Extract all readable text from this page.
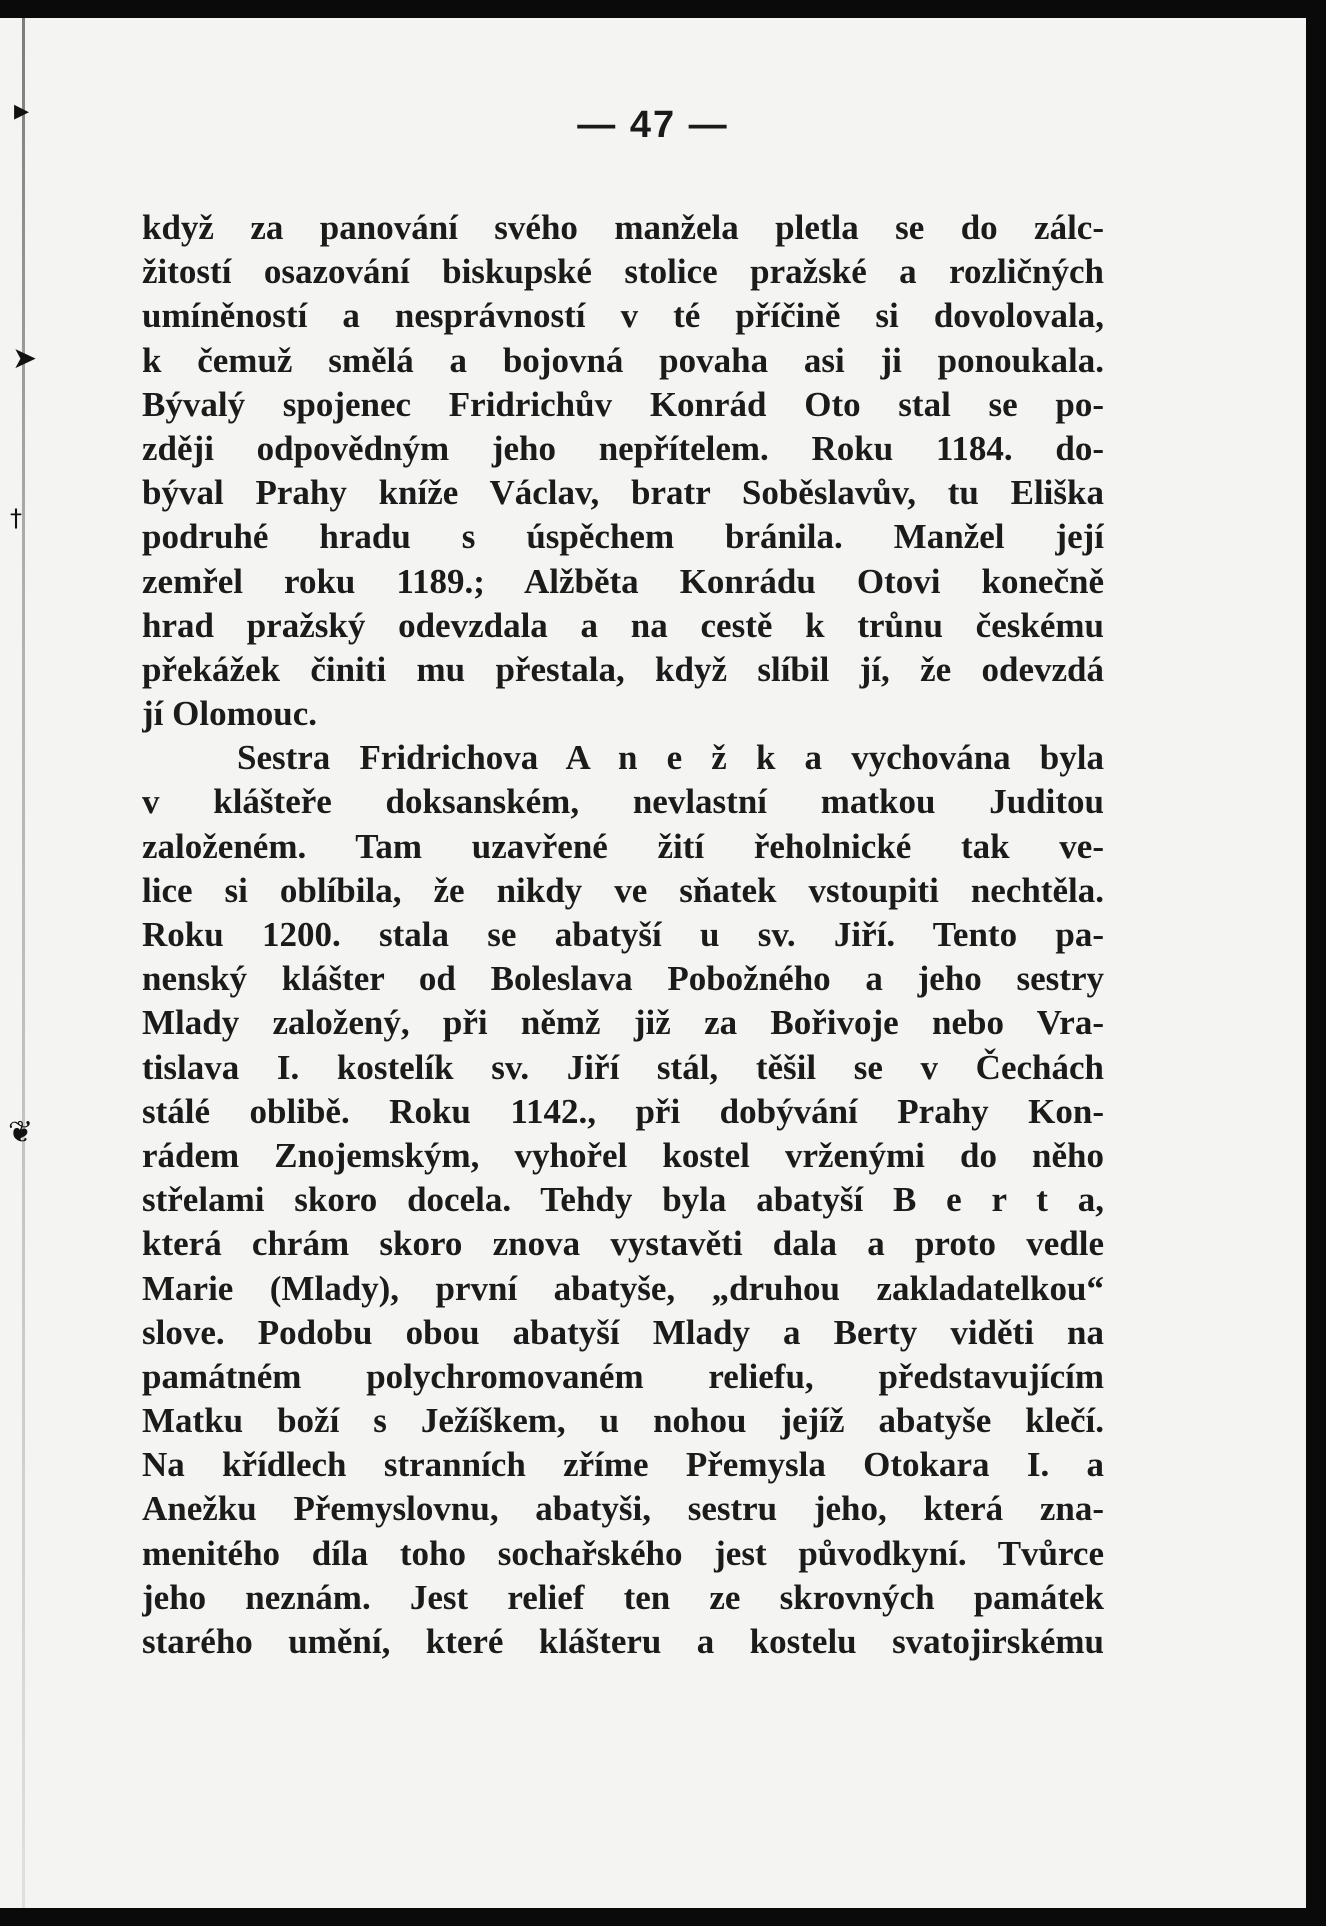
▸
➤
†
❦
— 47 —
když za panování svého manžela pletla se do zálc-
žitostí osazování biskupské stolice pražské a rozličných
umíněností a nesprávností v té příčině si dovolovala,
k čemuž smělá a bojovná povaha asi ji ponoukala.
Bývalý spojenec Fridrichův Konrád Oto stal se po-
zději odpovědným jeho nepřítelem. Roku 1184. do-
býval Prahy kníže Václav, bratr Soběslavův, tu Eliška
podruhé hradu s úspěchem bránila. Manžel její
zemřel roku 1189.; Alžběta Konrádu Otovi konečně
hrad pražský odevzdala a na cestě k trůnu českému
překážek činiti mu přestala, když slíbil jí, že odevzdá
jí Olomouc.
Sestra Fridrichova A n e ž k a vychována byla
v klášteře doksanském, nevlastní matkou Juditou
založeném. Tam uzavřené žití řeholnické tak ve-
lice si oblíbila, že nikdy ve sňatek vstoupiti nechtěla.
Roku 1200. stala se abatyší u sv. Jiří. Tento pa-
nenský klášter od Boleslava Pobožného a jeho sestry
Mlady založený, při němž již za Bořivoje nebo Vra-
tislava I. kostelík sv. Jiří stál, těšil se v Čechách
stálé oblibě. Roku 1142., při dobývání Prahy Kon-
rádem Znojemským, vyhořel kostel vrženými do něho
střelami skoro docela. Tehdy byla abatyší B e r t a,
která chrám skoro znova vystavěti dala a proto vedle
Marie (Mlady), první abatyše, „druhou zakladatelkou“
slove. Podobu obou abatyší Mlady a Berty viděti na
památném polychromovaném reliefu, představujícím
Matku boží s Ježíškem, u nohou jejíž abatyše klečí.
Na křídlech stranních zříme Přemysla Otokara I. a
Anežku Přemyslovnu, abatyši, sestru jeho, která zna-
menitého díla toho sochařského jest původkyní. Tvůrce
jeho neznám. Jest relief ten ze skrovných památek
starého umění, které klášteru a kostelu svatojirskému
